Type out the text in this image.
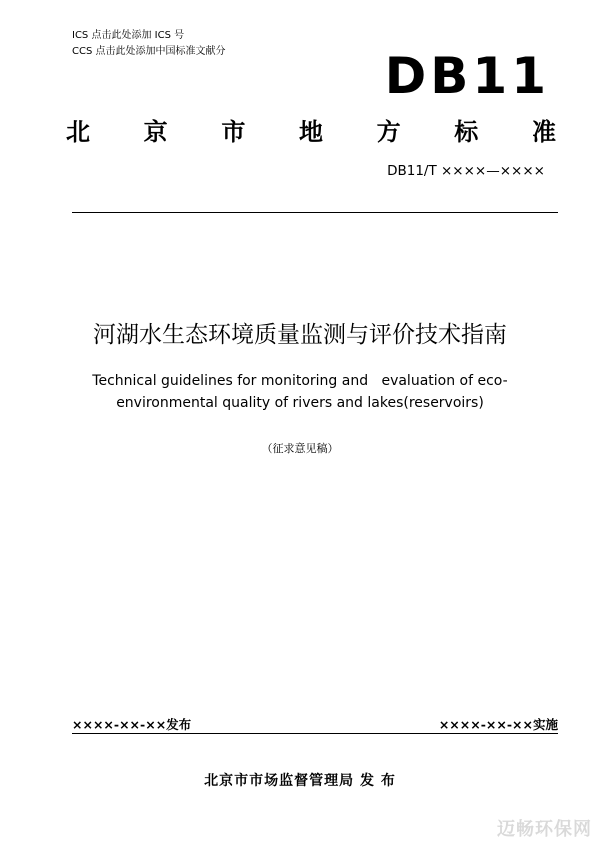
ICS 点击此处添加 ICS 号
CCS 点击此处添加中国标准文献分	DB11
北 京 市 地 方 标 准
DB11/T ××××—××××
河湖水生态环境质量监测与评价技术指南
Technical guidelines for monitoring and   evaluation of eco-
environmental quality of rivers and lakes(reservoirs)
（征求意见稿）
××××-××-××发布	××××-××-××实施
北京市市场监督管理局 发 布
迈畅环保网
